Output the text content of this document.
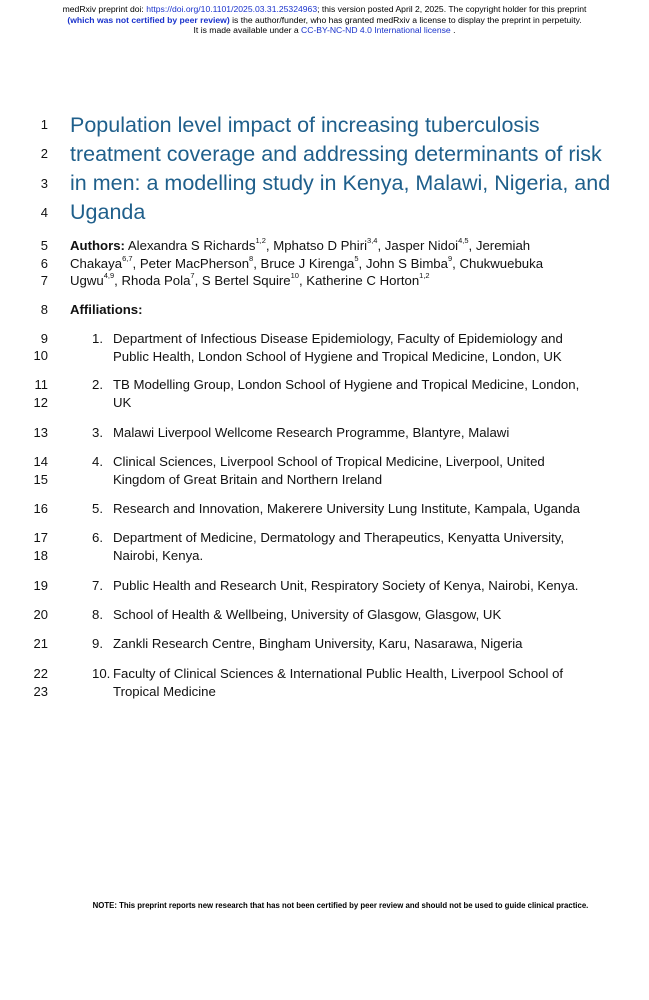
medRxiv preprint doi: https://doi.org/10.1101/2025.03.31.25324963; this version posted April 2, 2025. The copyright holder for this preprint
(which was not certified by peer review) is the author/funder, who has granted medRxiv a license to display the preprint in perpetuity.
It is made available under a CC-BY-NC-ND 4.0 International license .
1
2
3
4
5
6
7
8
9
10
11
12
13
14
15
16
17
18
19
20
21
22
23
Population level impact of increasing tuberculosis
treatment coverage and addressing determinants of risk
in men: a modelling study in Kenya, Malawi, Nigeria, and
Uganda
Authors: Alexandra S Richards$^{1,2}$, Mphatso D Phiri$^{3,4}$, Jasper Nidoi$^{4,5}$, Jeremiah
Chakaya$^{6,7}$, Peter MacPherson$^8$, Bruce J Kirenga$^5$, John S Bimba$^9$, Chukwuebuka
Ugwu$^{4,9}$, Rhoda Pola$^7$, S Bertel Squire$^{10}$, Katherine C Horton$^{1,2}$
Affiliations:
1. Department of Infectious Disease Epidemiology, Faculty of Epidemiology and
Public Health, London School of Hygiene and Tropical Medicine, London, UK
2. TB Modelling Group, London School of Hygiene and Tropical Medicine, London,
UK
3. Malawi Liverpool Wellcome Research Programme, Blantyre, Malawi
4. Clinical Sciences, Liverpool School of Tropical Medicine, Liverpool, United
Kingdom of Great Britain and Northern Ireland
5. Research and Innovation, Makerere University Lung Institute, Kampala, Uganda
6. Department of Medicine, Dermatology and Therapeutics, Kenyatta University,
Nairobi, Kenya.
7. Public Health and Research Unit, Respiratory Society of Kenya, Nairobi, Kenya.
8. School of Health & Wellbeing, University of Glasgow, Glasgow, UK
9. Zankli Research Centre, Bingham University, Karu, Nasarawa, Nigeria
10. Faculty of Clinical Sciences & International Public Health, Liverpool School of
Tropical Medicine
NOTE: This preprint reports new research that has not been certified by peer review and should not be used to guide clinical practice.
